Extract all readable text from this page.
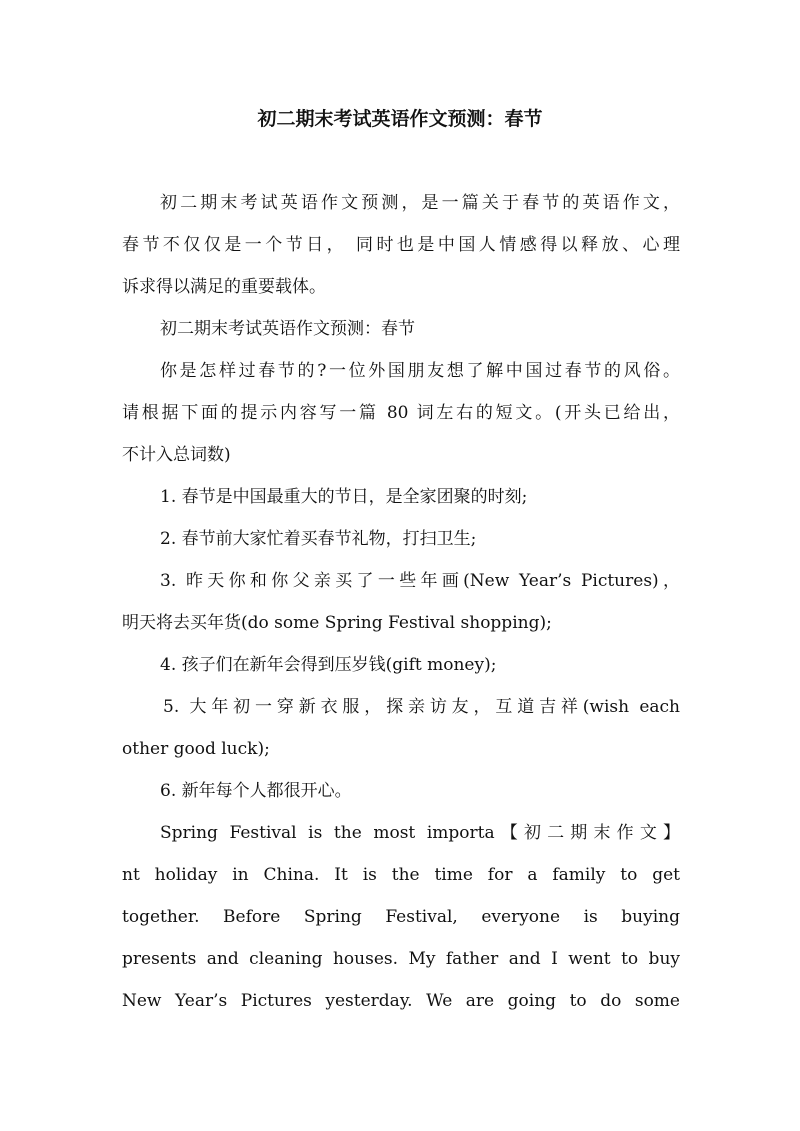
初二期末考试英语作文预测：春节
初二期末考试英语作文预测，是一篇关于春节的英语作文，
春节不仅仅是一个节日， 同时也是中国人情感得以释放、心理
诉求得以满足的重要载体。
初二期末考试英语作文预测：春节
你是怎样过春节的?一位外国朋友想了解中国过春节的风俗。
请根据下面的提示内容写一篇 80 词左右的短文。(开头已给出，
不计入总词数)
1. 春节是中国最重大的节日，是全家团聚的时刻;
2. 春节前大家忙着买春节礼物，打扫卫生;
3. 昨天你和你父亲买了一些年画(New Year’s Pictures)，
明天将去买年货(do some Spring Festival shopping);
4. 孩子们在新年会得到压岁钱(gift money);
5. 大年初一穿新衣服，探亲访友，互道吉祥(wish each
other good luck);
6. 新年每个人都很开心。
Spring Festival is the most importa【初二期末作文】
nt holiday in China. It is the time for a family to get
together. Before Spring Festival, everyone is buying
presents and cleaning houses. My father and I went to buy
New Year’s Pictures yesterday. We are going to do some
